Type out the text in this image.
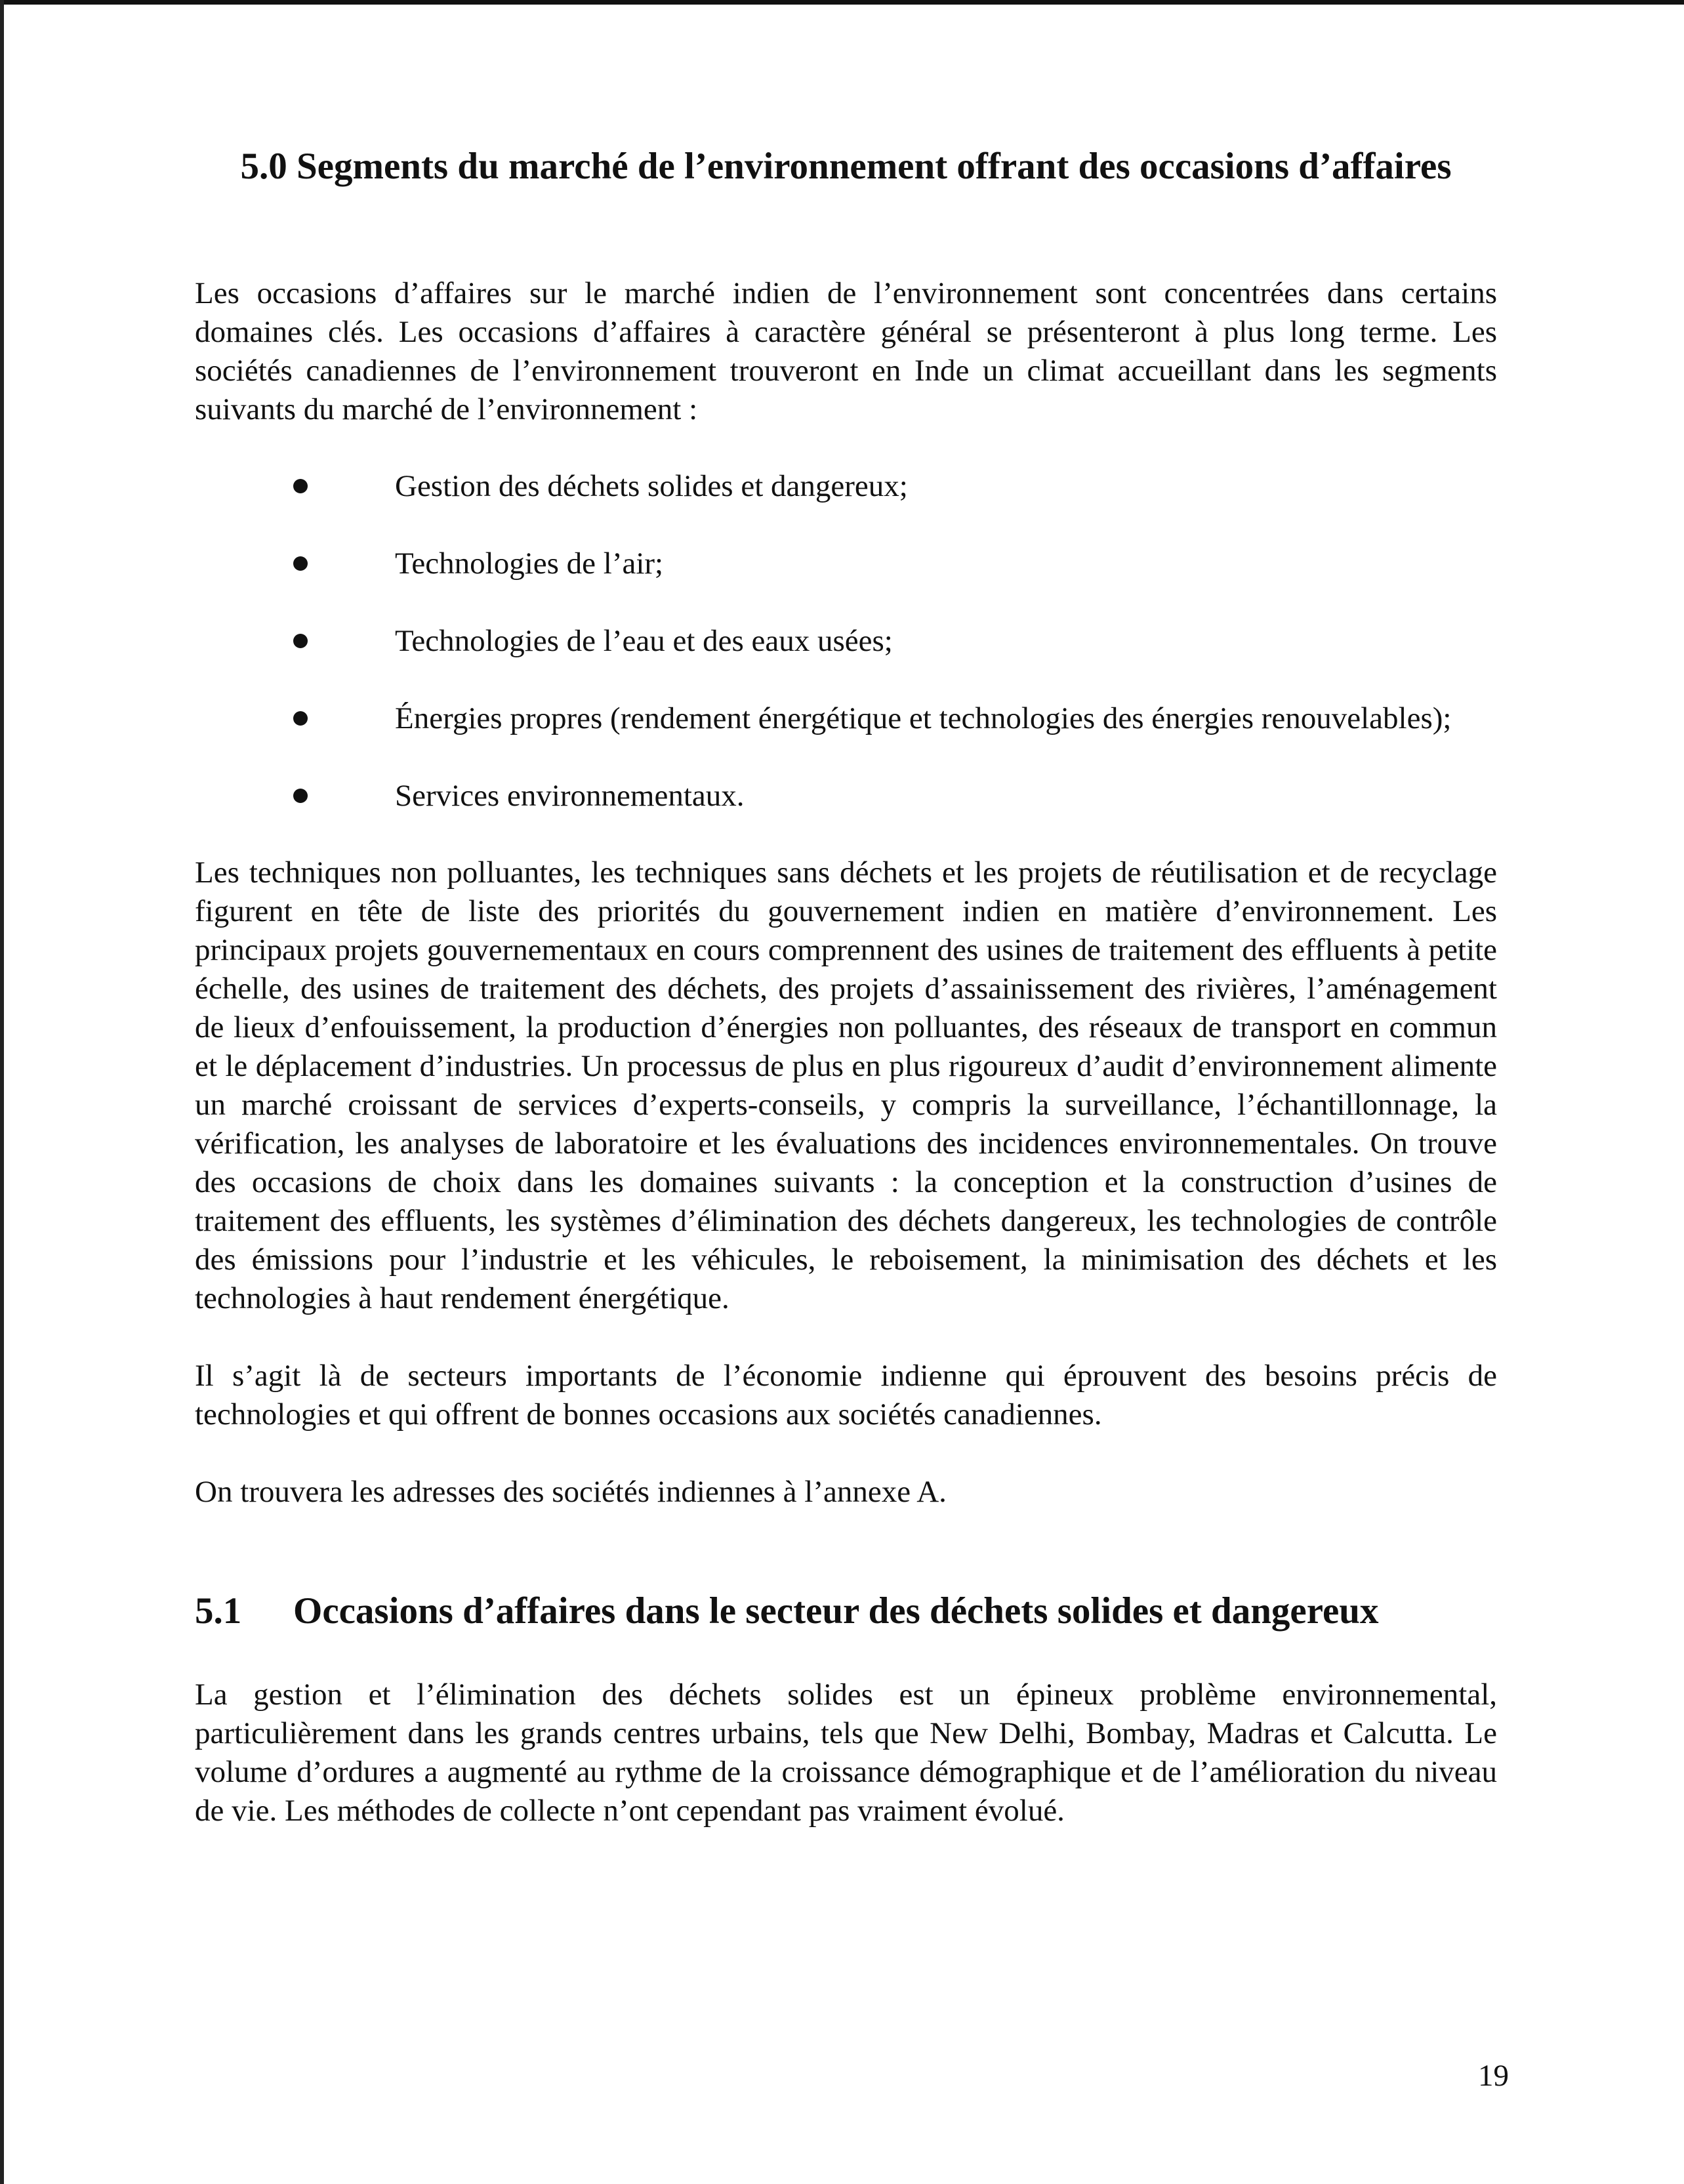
5.0 Segments du marché de l’environnement offrant des occasions d’affaires

Les occasions d’affaires sur le marché indien de l’environnement sont concentrées dans certains domaines clés. Les occasions d’affaires à caractère général se présenteront à plus long terme. Les sociétés canadiennes de l’environnement trouveront en Inde un climat accueillant dans les segments suivants du marché de l’environnement :

Gestion des déchets solides et dangereux;
Technologies de l’air;
Technologies de l’eau et des eaux usées;
Énergies propres (rendement énergétique et technologies des énergies renouvelables);
Services environnementaux.

Les techniques non polluantes, les techniques sans déchets et les projets de réutilisation et de recyclage figurent en tête de liste des priorités du gouvernement indien en matière d’environnement. Les principaux projets gouvernementaux en cours comprennent des usines de traitement des effluents à petite échelle, des usines de traitement des déchets, des projets d’assainissement des rivières, l’aménagement de lieux d’enfouissement, la production d’énergies non polluantes, des réseaux de transport en commun et le déplacement d’industries. Un processus de plus en plus rigoureux d’audit d’environnement alimente un marché croissant de services d’experts-conseils, y compris la surveillance, l’échantillonnage, la vérification, les analyses de laboratoire et les évaluations des incidences environnementales. On trouve des occasions de choix dans les domaines suivants : la conception et la construction d’usines de traitement des effluents, les systèmes d’élimination des déchets dangereux, les technologies de contrôle des émissions pour l’industrie et les véhicules, le reboisement, la minimisation des déchets et les technologies à haut rendement énergétique.

Il s’agit là de secteurs importants de l’économie indienne qui éprouvent des besoins précis de technologies et qui offrent de bonnes occasions aux sociétés canadiennes.

On trouvera les adresses des sociétés indiennes à l’annexe A.

5.1	Occasions d’affaires dans le secteur des déchets solides et dangereux

La gestion et l’élimination des déchets solides est un épineux problème environnemental, particulièrement dans les grands centres urbains, tels que New Delhi, Bombay, Madras et Calcutta. Le volume d’ordures a augmenté au rythme de la croissance démographique et de l’amélioration du niveau de vie. Les méthodes de collecte n’ont cependant pas vraiment évolué.

19
